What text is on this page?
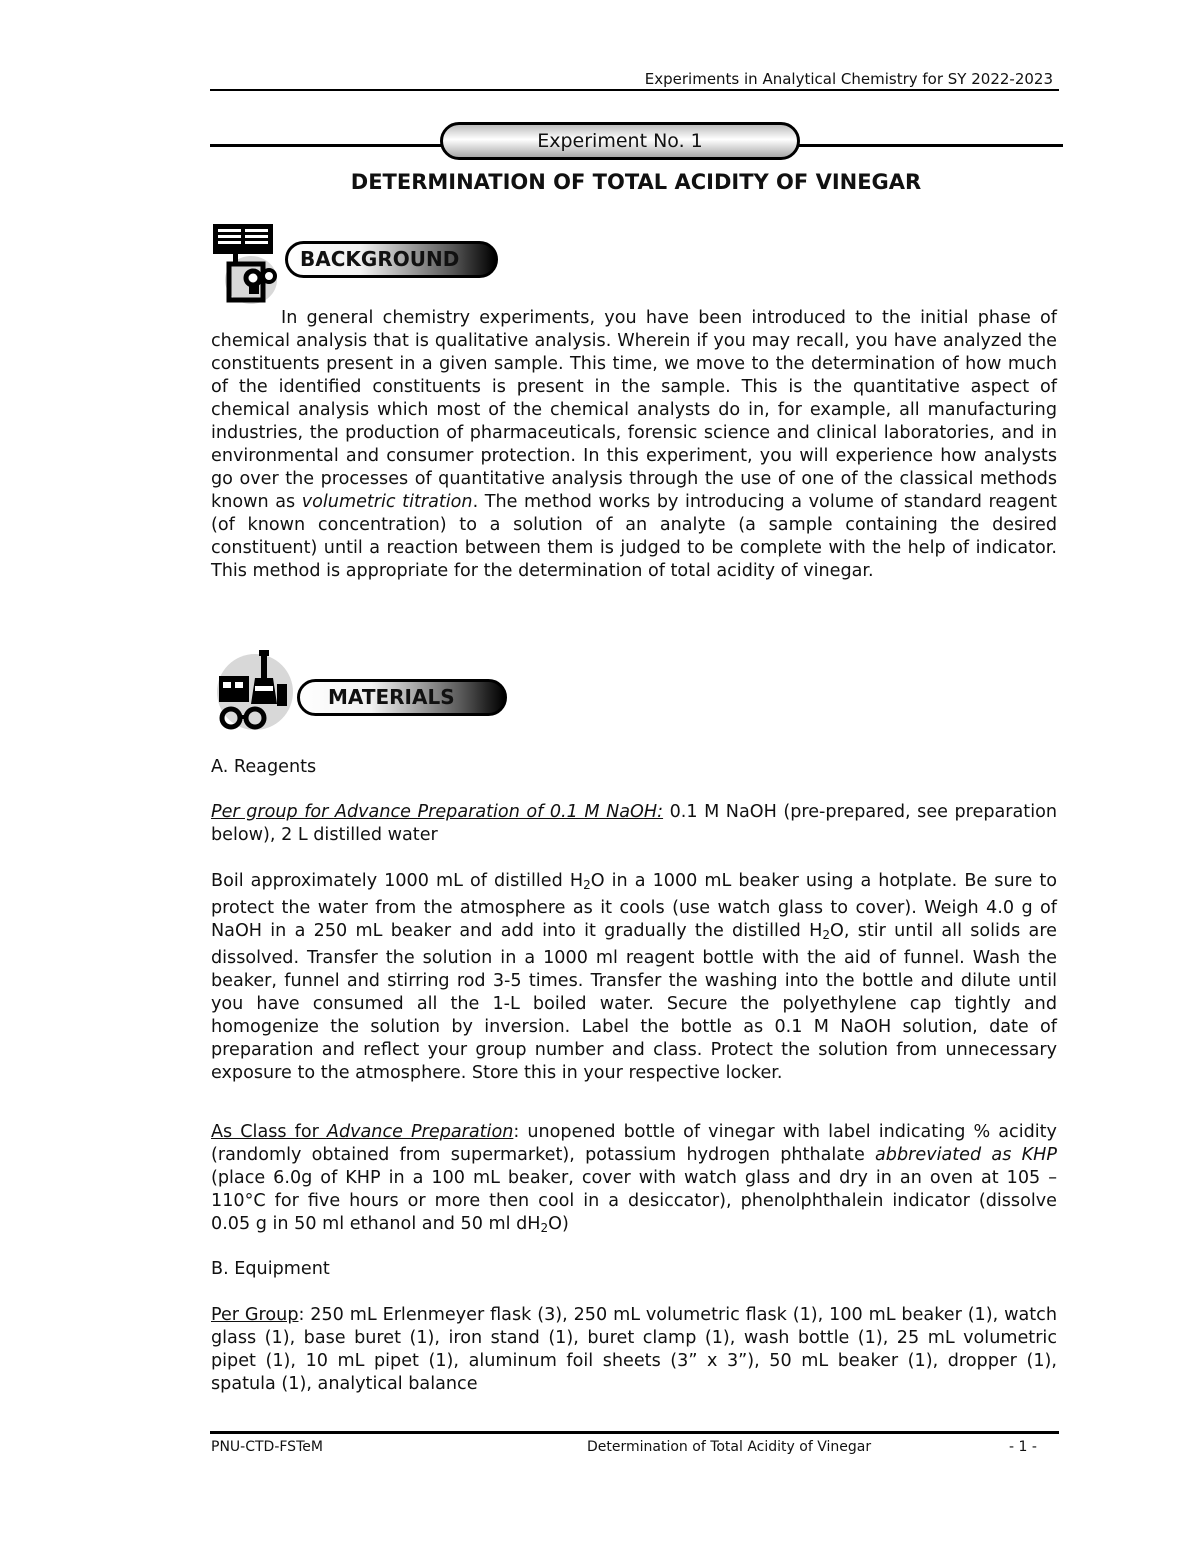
Experiments in Analytical Chemistry for SY 2022-2023
Experiment No. 1
DETERMINATION OF TOTAL ACIDITY OF VINEGAR
BACKGROUND

In general chemistry experiments, you have been introduced to the initial phase of chemical analysis that is qualitative analysis. Wherein if you may recall, you have analyzed the constituents present in a given sample. This time, we move to the determination of how much of the identified constituents is present in the sample. This is the quantitative aspect of chemical analysis which most of the chemical analysts do in, for example, all manufacturing industries, the production of pharmaceuticals, forensic science and clinical laboratories, and in environmental and consumer protection. In this experiment, you will experience how analysts go over the processes of quantitative analysis through the use of one of the classical methods known as volumetric titration. The method works by introducing a volume of standard reagent (of known concentration) to a solution of an analyte (a sample containing the desired constituent) until a reaction between them is judged to be complete with the help of indicator. This method is appropriate for the determination of total acidity of vinegar.

MATERIALS

A. Reagents

Per group for Advance Preparation of 0.1 M NaOH: 0.1 M NaOH (pre-prepared, see preparation below), 2 L distilled water

Boil approximately 1000 mL of distilled $H_2O$ in a 1000 mL beaker using a hotplate. Be sure to protect the water from the atmosphere as it cools (use watch glass to cover). Weigh 4.0 g of NaOH in a 250 mL beaker and add into it gradually the distilled $H_2O$, stir until all solids are dissolved. Transfer the solution in a 1000 ml reagent bottle with the aid of funnel. Wash the beaker, funnel and stirring rod 3-5 times. Transfer the washing into the bottle and dilute until you have consumed all the 1-L boiled water. Secure the polyethylene cap tightly and homogenize the solution by inversion. Label the bottle as 0.1 M NaOH solution, date of preparation and reflect your group number and class. Protect the solution from unnecessary exposure to the atmosphere. Store this in your respective locker.

As Class for Advance Preparation: unopened bottle of vinegar with label indicating % acidity (randomly obtained from supermarket), potassium hydrogen phthalate abbreviated as KHP (place 6.0g of KHP in a 100 mL beaker, cover with watch glass and dry in an oven at 105 – 110°C for five hours or more then cool in a desiccator), phenolphthalein indicator (dissolve 0.05 g in 50 ml ethanol and 50 ml $dH_2O$)

B. Equipment

Per Group: 250 mL Erlenmeyer flask (3), 250 mL volumetric flask (1), 100 mL beaker (1), watch glass (1), base buret (1), iron stand (1), buret clamp (1), wash bottle (1), 25 mL volumetric pipet (1), 10 mL pipet (1), aluminum foil sheets (3” x 3”), 50 mL beaker (1), dropper (1), spatula (1), analytical balance

PNU-CTD-FSTeM	Determination of Total Acidity of Vinegar	- 1 -
